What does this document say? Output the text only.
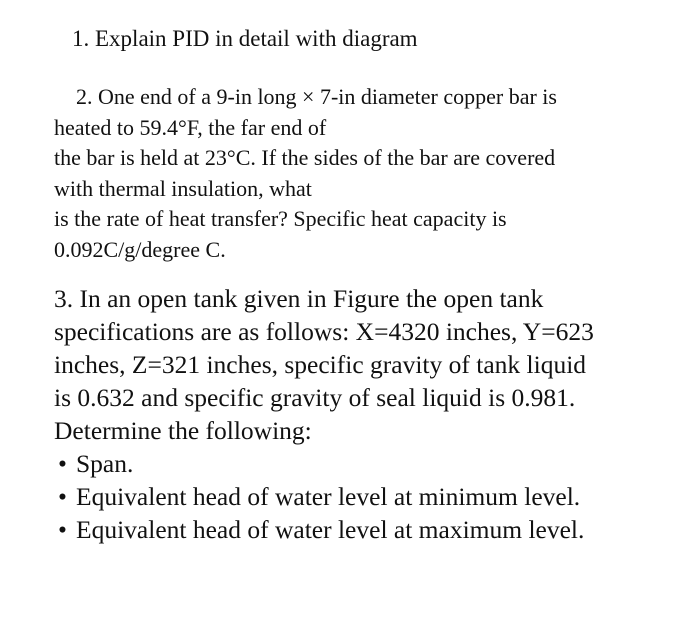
1. Explain PID in detail with diagram
2. One end of a 9-in long × 7-in diameter copper bar is
heated to 59.4°F, the far end of
the bar is held at 23°C. If the sides of the bar are covered
with thermal insulation, what
is the rate of heat transfer? Specific heat capacity is
0.092C/g/degree C.
3. In an open tank given in Figure the open tank
specifications are as follows: X=4320 inches, Y=623
inches, Z=321 inches, specific gravity of tank liquid
is 0.632 and specific gravity of seal liquid is 0.981.
Determine the following:
• Span.
• Equivalent head of water level at minimum level.
• Equivalent head of water level at maximum level.
